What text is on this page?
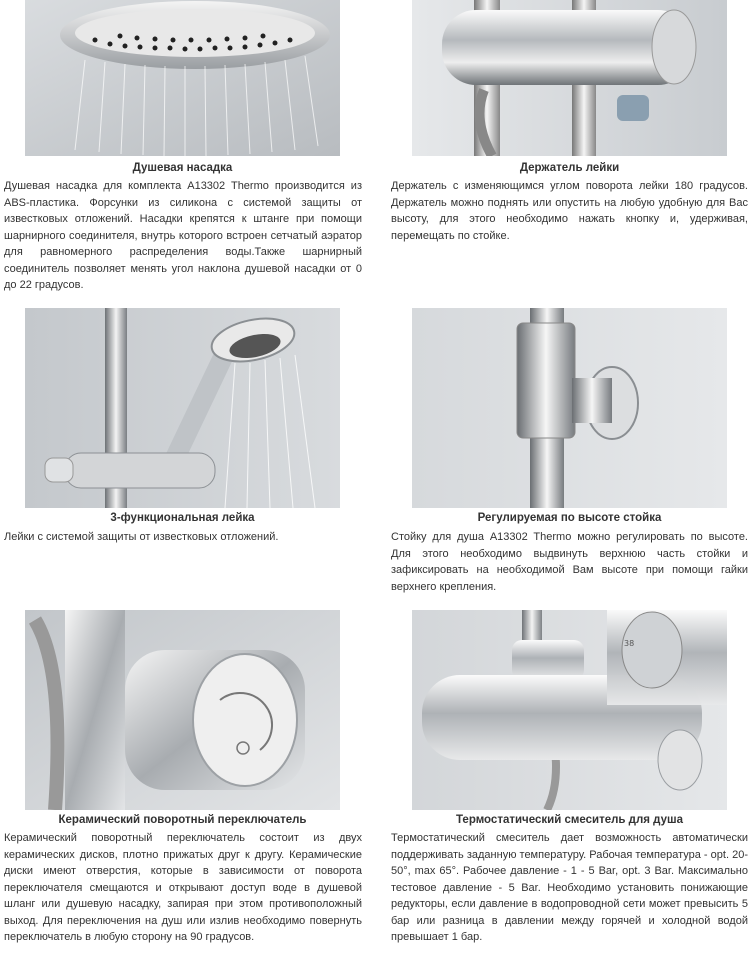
Душевая насадка

Душевая насадка для комплекта A13302 Thermo производится из ABS-пластика. Форсунки из силикона с системой защиты от известковых отложений. Насадки крепятся к штанге при помощи шарнирного соединителя, внутрь которого встроен сетчатый аэратор для равномерного распределения воды.Также шарнирный соединитель позволяет менять угол наклона душевой насадки от 0 до 22 градусов.

Держатель лейки

Держатель с изменяющимся углом поворота лейки 180 градусов. Держатель можно поднять или опустить на любую удобную для Вас высоту, для этого необходимо нажать кнопку и, удерживая, перемещать по стойке.

3-функциональная лейка

Лейки с системой защиты от известковых отложений.

Регулируемая по высоте стойка

Стойку для душа A13302 Thermo можно регулировать по высоте. Для этого необходимо выдвинуть верхнюю часть стойки и зафиксировать на необходимой Вам высоте при помощи гайки верхнего крепления.

Керамический поворотный переключатель

Керамический поворотный переключатель состоит из двух керамических дисков, плотно прижатых друг к другу. Керамические диски имеют отверстия, которые в зависимости от поворота переключателя смещаются и открывают доступ воде в душевой шланг или душевую насадку, запирая при этом противоположный выход. Для переключения на душ или излив необходимо повернуть переключатель в любую сторону на 90 градусов.

38
Термостатический смеситель для душа

Термостатический смеситель дает возможность автоматически поддерживать заданную температуру. Рабочая температура - opt. 20-50°, max 65°. Рабочее давление - 1 - 5 Bar, opt. 3 Bar. Максимально тестовое давление - 5 Bar. Необходимо установить понижающие редукторы, если давление в водопроводной сети может превысить 5 бар или разница в давлении между горячей и холодной водой превышает 1 бар.
